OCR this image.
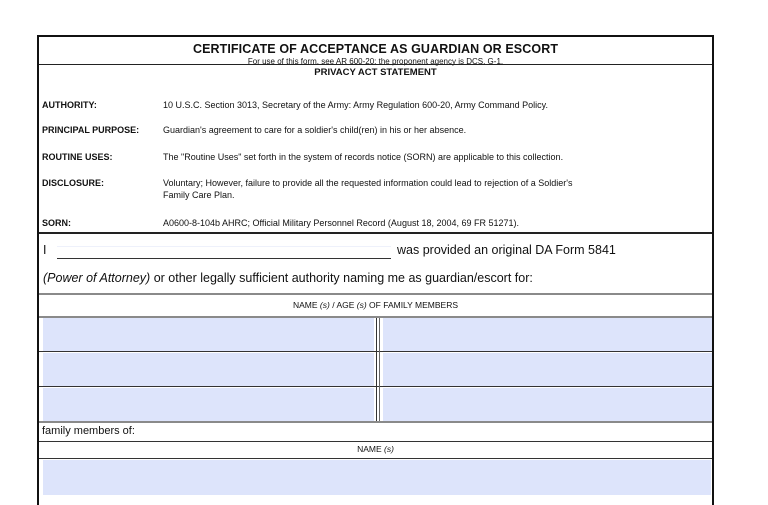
CERTIFICATE OF ACCEPTANCE AS GUARDIAN OR ESCORT
For use of this form, see AR 600-20; the proponent agency is DCS, G-1.
PRIVACY ACT STATEMENT
AUTHORITY:	10 U.S.C. Section 3013, Secretary of the Army: Army Regulation 600-20, Army Command Policy.
PRINCIPAL PURPOSE:	Guardian's agreement to care for a soldier's child(ren) in his or her absence.
ROUTINE USES:	The "Routine Uses" set forth in the system of records notice (SORN) are applicable to this collection.
DISCLOSURE:	Voluntary; However, failure to provide all the requested information could lead to rejection of a Soldier's
Family Care Plan.
SORN:	A0600-8-104b AHRC; Official Military Personnel Record (August 18, 2004, 69 FR 51271).
I	was provided an original DA Form 5841
(Power of Attorney) or other legally sufficient authority naming me as guardian/escort for:
NAME (s) / AGE (s) OF FAMILY MEMBERS
family members of:
NAME (s)
